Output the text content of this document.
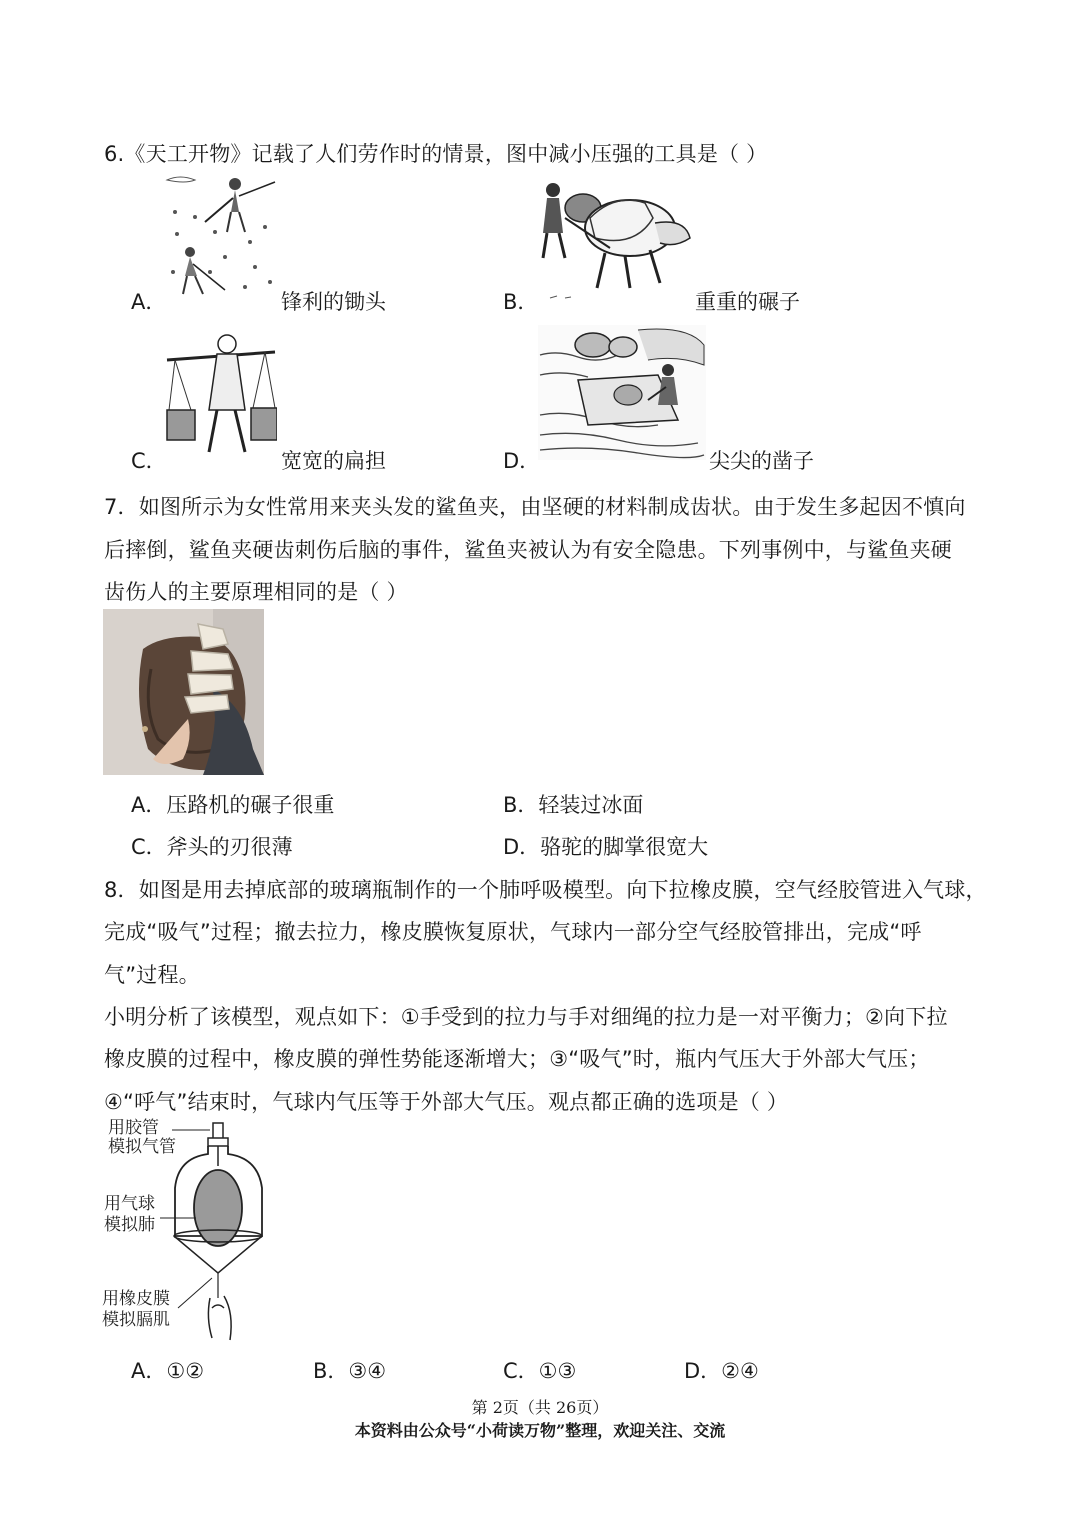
6.《天工开物》记载了人们劳作时的情景，图中减小压强的工具是（ ）
A．	锋利的锄头	B．	重重的碾子
C．	宽宽的扁担	D．	尖尖的凿子
7．如图所示为女性常用来夹头发的鲨鱼夹，由坚硬的材料制成齿状。由于发生多起因不慎向
后摔倒，鲨鱼夹硬齿刺伤后脑的事件，鲨鱼夹被认为有安全隐患。下列事例中，与鲨鱼夹硬
齿伤人的主要原理相同的是（ ）
A．压路机的碾子很重	B．轻装过冰面
C．斧头的刃很薄	D．骆驼的脚掌很宽大
8．如图是用去掉底部的玻璃瓶制作的一个肺呼吸模型。向下拉橡皮膜，空气经胶管进入气球，
完成“吸气”过程；撤去拉力，橡皮膜恢复原状，气球内一部分空气经胶管排出，完成“呼
气”过程。
小明分析了该模型，观点如下：①手受到的拉力与手对细绳的拉力是一对平衡力；②向下拉
橡皮膜的过程中，橡皮膜的弹性势能逐渐增大；③“吸气”时，瓶内气压大于外部大气压；
④“呼气”结束时，气球内气压等于外部大气压。观点都正确的选项是（ ）
用胶管
模拟气管
用气球
模拟肺
用橡皮膜
模拟膈肌
A．①②	B．③④	C．①③	D．②④
第 2页（共 26页）
本资料由公众号“小荷读万物”整理，欢迎关注、交流
